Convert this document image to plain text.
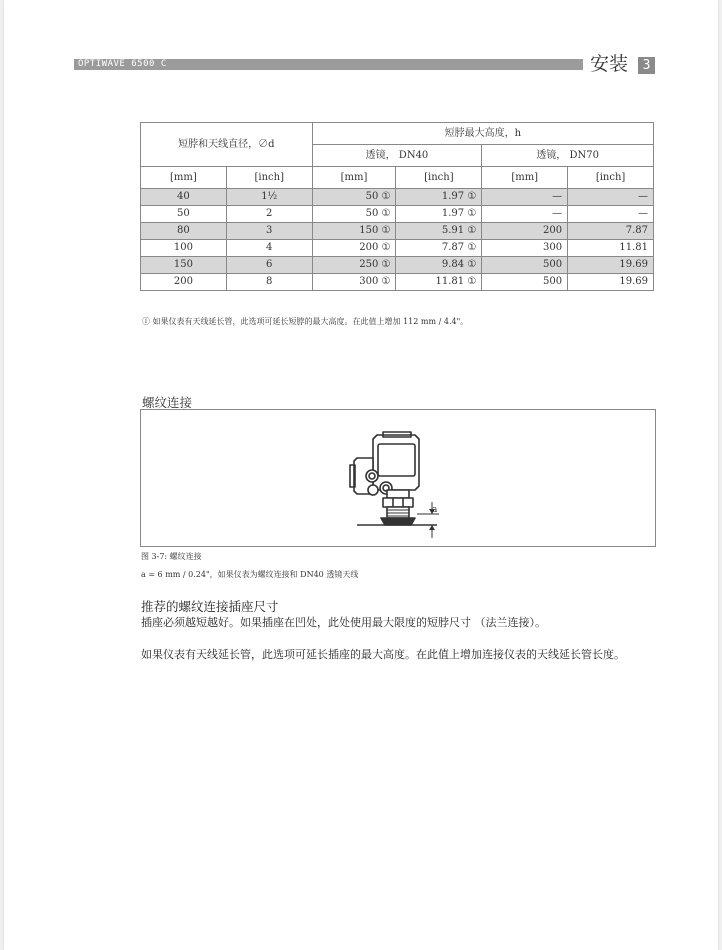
OPTIWAVE 6500 C	安装	3
短脖和天线直径，∅d		短脖最大高度，h			
		透镜， DN40		透镜， DN70	
[mm]	[inch]	[mm]	[inch]	[mm]	[inch]
40	1½	50 ①	1.97 ①	—	—
50	2	50 ①	1.97 ①	—	—
80	3	150 ①	5.91 ①	200	7.87
100	4	200 ①	7.87 ①	300	11.81
150	6	250 ①	9.84 ①	500	19.69
200	8	300 ①	11.81 ①	500	19.69
① 如果仪表有天线延长管，此选项可延长短脖的最大高度。在此值上增加 112 mm / 4.4"。
螺纹连接
a
图 3-7: 螺纹连接
a = 6 mm / 0.24"，如果仪表为螺纹连接和 DN40 透镜天线
推荐的螺纹连接插座尺寸
插座必须越短越好。如果插座在凹处，此处使用最大限度的短脖尺寸 （法兰连接）。
如果仪表有天线延长管，此选项可延长插座的最大高度。在此值上增加连接仪表的天线延长管长度。
